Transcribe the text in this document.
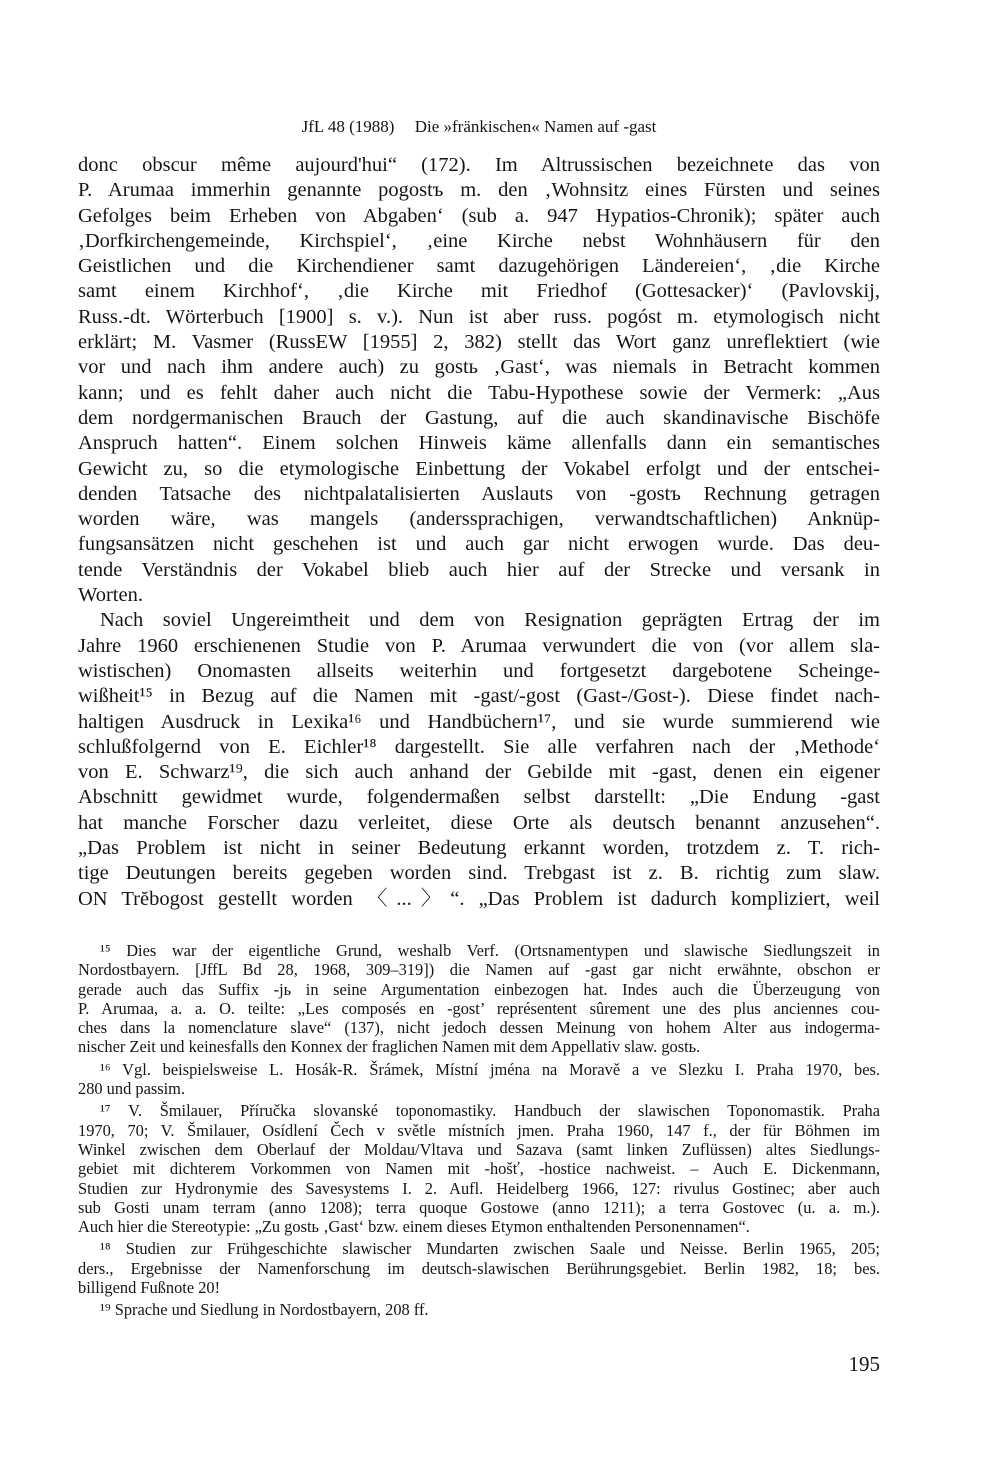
JfL 48 (1988) Die »fränkischen« Namen auf -gast
donc obscur même aujourd'hui“ (172). Im Altrussischen bezeichnete das von
P. Arumaa immerhin genannte pogostъ m. den ‚Wohnsitz eines Fürsten und seines
Gefolges beim Erheben von Abgaben‘ (sub a. 947 Hypatios-Chronik); später auch
‚Dorfkirchengemeinde, Kirchspiel‘, ‚eine Kirche nebst Wohnhäusern für den
Geistlichen und die Kirchendiener samt dazugehörigen Ländereien‘, ‚die Kirche
samt einem Kirchhof‘, ‚die Kirche mit Friedhof (Gottesacker)‘ (Pavlovskij,
Russ.-dt. Wörterbuch [1900] s. v.). Nun ist aber russ. pogóst m. etymologisch nicht
erklärt; M. Vasmer (RussEW [1955] 2, 382) stellt das Wort ganz unreflektiert (wie
vor und nach ihm andere auch) zu gostь ‚Gast‘, was niemals in Betracht kommen
kann; und es fehlt daher auch nicht die Tabu-Hypothese sowie der Vermerk: „Aus
dem nordgermanischen Brauch der Gastung, auf die auch skandinavische Bischöfe
Anspruch hatten“. Einem solchen Hinweis käme allenfalls dann ein semantisches
Gewicht zu, so die etymologische Einbettung der Vokabel erfolgt und der entschei-
denden Tatsache des nichtpalatalisierten Auslauts von -gostъ Rechnung getragen
worden wäre, was mangels (anderssprachigen, verwandtschaftlichen) Anknüp-
fungsansätzen nicht geschehen ist und auch gar nicht erwogen wurde. Das deu-
tende Verständnis der Vokabel blieb auch hier auf der Strecke und versank in
Worten.
Nach soviel Ungereimtheit und dem von Resignation geprägten Ertrag der im
Jahre 1960 erschienenen Studie von P. Arumaa verwundert die von (vor allem sla-
wistischen) Onomasten allseits weiterhin und fortgesetzt dargebotene Scheinge-
wißheit¹⁵ in Bezug auf die Namen mit -gast/-gost (Gast-/Gost-). Diese findet nach-
haltigen Ausdruck in Lexika¹⁶ und Handbüchern¹⁷, und sie wurde summierend wie
schlußfolgernd von E. Eichler¹⁸ dargestellt. Sie alle verfahren nach der ‚Methode‘
von E. Schwarz¹⁹, die sich auch anhand der Gebilde mit -gast, denen ein eigener
Abschnitt gewidmet wurde, folgendermaßen selbst darstellt: „Die Endung -gast
hat manche Forscher dazu verleitet, diese Orte als deutsch benannt anzusehen“.
„Das Problem ist nicht in seiner Bedeutung erkannt worden, trotzdem z. T. rich-
tige Deutungen bereits gegeben worden sind. Trebgast ist z. B. richtig zum slaw.
ON Trĕbogost gestellt worden 〈...〉“. „Das Problem ist dadurch kompliziert, weil
¹⁵ Dies war der eigentliche Grund, weshalb Verf. (Ortsnamentypen und slawische Siedlungszeit in
Nordostbayern. [JffL Bd 28, 1968, 309–319]) die Namen auf -gast gar nicht erwähnte, obschon er
gerade auch das Suffix -jь in seine Argumentation einbezogen hat. Indes auch die Überzeugung von
P. Arumaa, a. a. O. teilte: „Les composés en -gost’ représentent sûrement une des plus anciennes cou-
ches dans la nomenclature slave“ (137), nicht jedoch dessen Meinung von hohem Alter aus indogerma-
nischer Zeit und keinesfalls den Konnex der fraglichen Namen mit dem Appellativ slaw. gostь.
¹⁶ Vgl. beispielsweise L. Hosák-R. Šrámek, Místní jména na Moravě a ve Slezku I. Praha 1970, bes.
280 und passim.
¹⁷ V. Šmilauer, Příručka slovanské toponomastiky. Handbuch der slawischen Toponomastik. Praha
1970, 70; V. Šmilauer, Osídlení Čech v světle místních jmen. Praha 1960, 147 f., der für Böhmen im
Winkel zwischen dem Oberlauf der Moldau/Vltava und Sazava (samt linken Zuflüssen) altes Siedlungs-
gebiet mit dichterem Vorkommen von Namen mit -hošť, -hostice nachweist. – Auch E. Dickenmann,
Studien zur Hydronymie des Savesystems I. 2. Aufl. Heidelberg 1966, 127: rivulus Gostinec; aber auch
sub Gosti unam terram (anno 1208); terra quoque Gostowe (anno 1211); a terra Gostovec (u. a. m.).
Auch hier die Stereotypie: „Zu gostь ‚Gast‘ bzw. einem dieses Etymon enthaltenden Personennamen“.
¹⁸ Studien zur Frühgeschichte slawischer Mundarten zwischen Saale und Neisse. Berlin 1965, 205;
ders., Ergebnisse der Namenforschung im deutsch-slawischen Berührungsgebiet. Berlin 1982, 18; bes.
billigend Fußnote 20!
¹⁹ Sprache und Siedlung in Nordostbayern, 208 ff.
195
